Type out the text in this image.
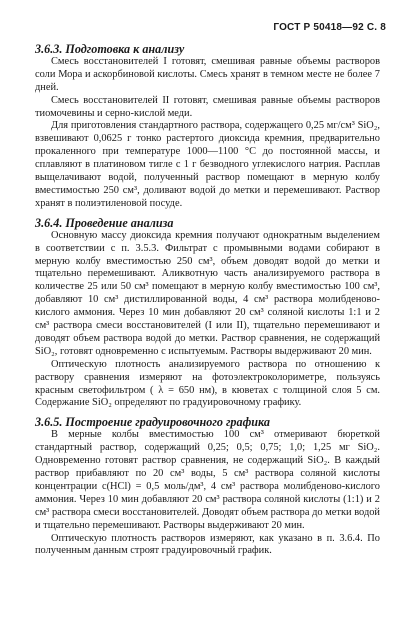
ГОСТ Р 50418—92 С. 8
3.6.3. Подготовка к анализу

Смесь восстановителей I готовят, смешивая равные объемы растворов соли Мора и аскорбиновой кислоты. Смесь хранят в темном месте не более 7 дней.

Смесь восстановителей II готовят, смешивая равные объемы растворов тиомочевины и серно-кислой меди.

Для приготовления стандартного раствора, содержащего 0,25 мг/см³ SiO₂, взвешивают 0,0625 г тонко растертого диоксида кремния, предварительно прокаленного при температуре 1000—1100 °С до постоянной массы, и сплавляют в платиновом тигле с 1 г безводного углекислого натрия. Расплав выщелачивают водой, полученный раствор помещают в мерную колбу вместимостью 250 см³, доливают водой до метки и перемешивают. Раствор хранят в полиэтиленовой посуде.

3.6.4. Проведение анализа

Основную массу диоксида кремния получают однократным выделением в соответствии с п. 3.5.3. Фильтрат с промывными водами собирают в мерную колбу вместимостью 250 см³, объем доводят водой до метки и тщательно перемешивают. Аликвотную часть анализируемого раствора в количестве 25 или 50 см³ помещают в мерную колбу вместимостью 100 см³, добавляют 10 см³ дистиллированной воды, 4 см³ раствора молибденово-кислого аммония. Через 10 мин добавляют 20 см³ соляной кислоты 1:1 и 2 см³ раствора смеси восстановителей (I или II), тщательно перемешивают и доводят объем раствора водой до метки. Раствор сравнения, не содержащий SiO₂, готовят одновременно с испытуемым. Растворы выдерживают 20 мин.

Оптическую плотность анализируемого раствора по отношению к раствору сравнения измеряют на фотоэлектроколориметре, пользуясь красным светофильтром ( λ = 650 нм), в кюветах с толщиной слоя 5 см. Содержание SiO₂ определяют по градуировочному графику.

3.6.5. Построение градуировочного графика

В мерные колбы вместимостью 100 см³ отмеривают бюреткой стандартный раствор, содержащий 0,25; 0,5; 0,75; 1,0; 1,25 мг SiO₂. Одновременно готовят раствор сравнения, не содержащий SiO₂. В каждый раствор прибавляют по 20 см³ воды, 5 см³ раствора соляной кислоты концентрации с(HCl) = 0,5 моль/дм³, 4 см³ раствора молибденово-кислого аммония. Через 10 мин добавляют 20 см³ раствора соляной кислоты (1:1) и 2 см³ раствора смеси восстановителей. Доводят объем раствора до метки водой и тщательно перемешивают. Растворы выдерживают 20 мин.

Оптическую плотность растворов измеряют, как указано в п. 3.6.4. По полученным данным строят градуировочный график.
